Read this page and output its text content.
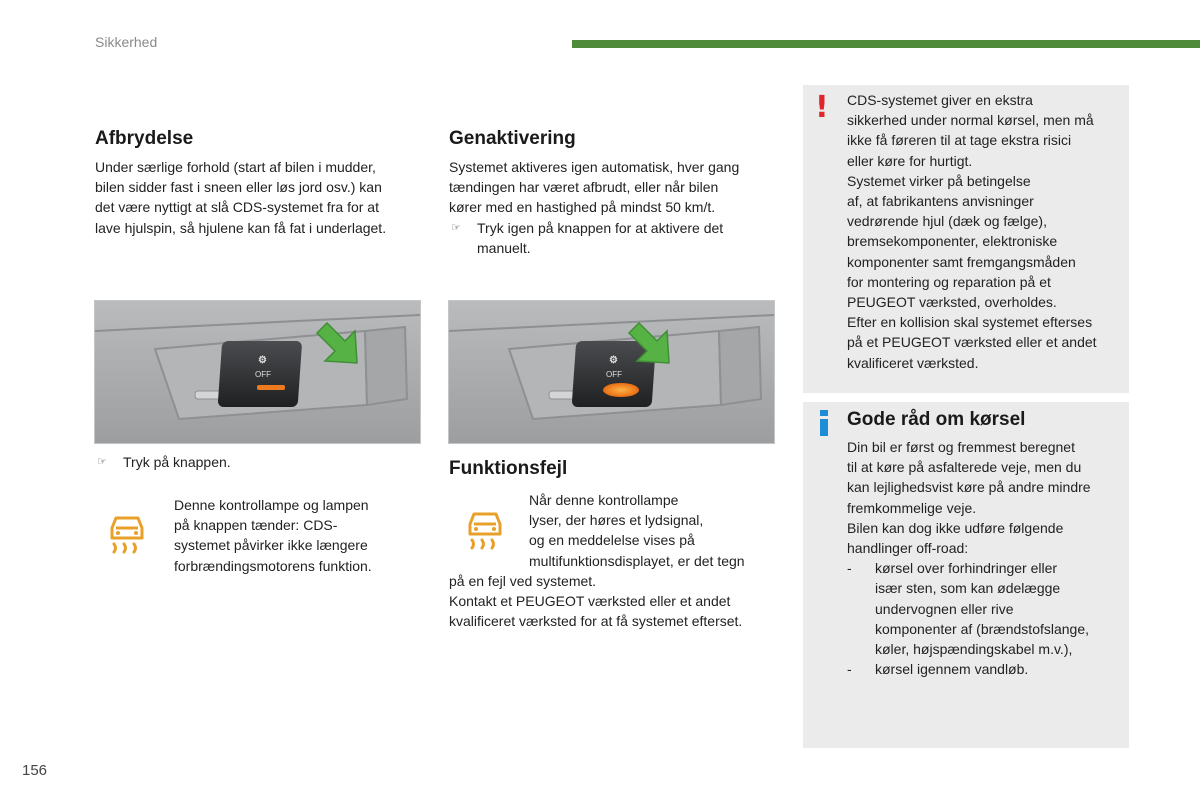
Sikkerhed
Afbrydelse

Under særlige forhold (start af bilen i mudder,

bilen sidder fast i sneen eller løs jord osv.) kan

det være nyttigt at slå CDS-systemet fra for at

lave hjulspin, så hjulene kan få fat i underlaget.

⚙
OFF
☞ Tryk på knappen.

Denne kontrollampe og lampen

på knappen tænder: CDS-

systemet påvirker ikke længere

forbrændingsmotorens funktion.

Genaktivering

Systemet aktiveres igen automatisk, hver gang

tændingen har været afbrudt, eller når bilen

kører med en hastighed på mindst 50 km/t.

☞ Tryk igen på knappen for at aktivere det

manuelt.

⚙
OFF
Funktionsfejl

Når denne kontrollampe

lyser, der høres et lydsignal,

og en meddelelse vises på

multifunktionsdisplayet, er det tegn

på en fejl ved systemet.

Kontakt et PEUGEOT værksted eller et andet

kvalificeret værksted for at få systemet efterset.

! CDS-systemet giver en ekstra

sikkerhed under normal kørsel, men må

ikke få føreren til at tage ekstra risici

eller køre for hurtigt.

Systemet virker på betingelse

af, at fabrikantens anvisninger

vedrørende hjul (dæk og fælge),

bremsekomponenter, elektroniske

komponenter samt fremgangsmåden

for montering og reparation på et

PEUGEOT værksted, overholdes.

Efter en kollision skal systemet efterses

på et PEUGEOT værksted eller et andet

kvalificeret værksted.

Gode råd om kørsel

Din bil er først og fremmest beregnet

til at køre på asfalterede veje, men du

kan lejlighedsvist køre på andre mindre

fremkommelige veje.

Bilen kan dog ikke udføre følgende

handlinger off-road:

- kørsel over forhindringer eller

især sten, som kan ødelægge

undervognen eller rive

komponenter af (brændstofslange,

køler, højspændingskabel m.v.),

- kørsel igennem vandløb.

156
